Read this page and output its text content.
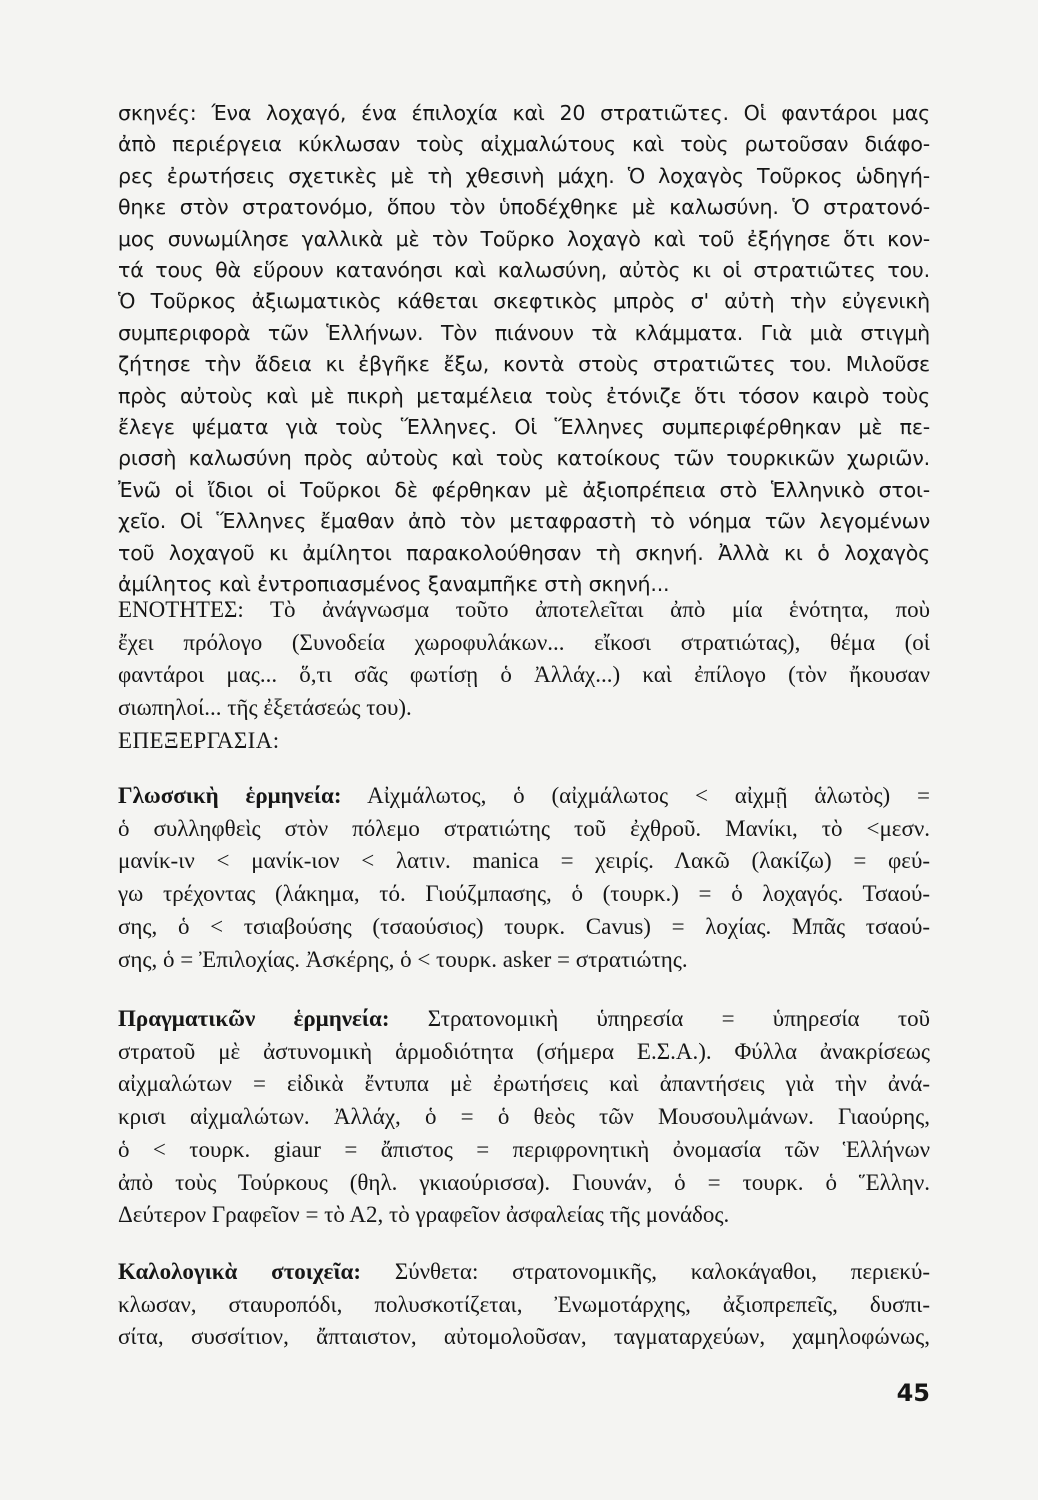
σκηνές: Ένα λοχαγό, ένα έπιλοχία καὶ 20 στρατιῶτες. Οἱ φαντάροι μας
ἀπὸ περιέργεια κύκλωσαν τοὺς αἰχμαλώτους καὶ τοὺς ρωτοῦσαν διάφο-
ρες ἐρωτήσεις σχετικὲς μὲ τὴ χθεσινὴ μάχη. Ὁ λοχαγὸς Τοῦρκος ὡδηγή-
θηκε στὸν στρατονόμο, ὅπου τὸν ὑποδέχθηκε μὲ καλωσύνη. Ὁ στρατονό-
μος συνωμίλησε γαλλικὰ μὲ τὸν Τοῦρκο λοχαγὸ καὶ τοῦ ἐξήγησε ὅτι κον-
τά τους θὰ εὕρουν κατανόησι καὶ καλωσύνη, αὐτὸς κι οἱ στρατιῶτες του.
Ὁ Τοῦρκος ἀξιωματικὸς κάθεται σκεφτικὸς μπρὸς σ' αὐτὴ τὴν εὐγενικὴ
συμπεριφορὰ τῶν Ἑλλήνων. Τὸν πιάνουν τὰ κλάμματα. Γιὰ μιὰ στιγμὴ
ζήτησε τὴν ἄδεια κι ἐβγῆκε ἔξω, κοντὰ στοὺς στρατιῶτες του. Μιλοῦσε
πρὸς αὐτοὺς καὶ μὲ πικρὴ μεταμέλεια τοὺς ἐτόνιζε ὅτι τόσον καιρὸ τοὺς
ἔλεγε ψέματα γιὰ τοὺς Ἕλληνες. Οἱ Ἕλληνες συμπεριφέρθηκαν μὲ πε-
ρισσὴ καλωσύνη πρὸς αὐτοὺς καὶ τοὺς κατοίκους τῶν τουρκικῶν χωριῶν.
Ἐνῶ οἱ ἴδιοι οἱ Τοῦρκοι δὲ φέρθηκαν μὲ ἀξιοπρέπεια στὸ Ἑλληνικὸ στοι-
χεῖο. Οἱ Ἕλληνες ἔμαθαν ἀπὸ τὸν μεταφραστὴ τὸ νόημα τῶν λεγομένων
τοῦ λοχαγοῦ κι ἀμίλητοι παρακολούθησαν τὴ σκηνή. Ἀλλὰ κι ὁ λοχαγὸς
ἀμίλητος καὶ ἐντροπιασμένος ξαναμπῆκε στὴ σκηνή...
ΕΝΟΤΗΤΕΣ: Τὸ ἀνάγνωσμα τοῦτο ἀποτελεῖται ἀπὸ μία ἑνότητα, ποὺ
ἔχει πρόλογο (Συνοδεία χωροφυλάκων... εἴκοσι στρατιώτας), θέμα (οἱ
φαντάροι μας... ὅ,τι σᾶς φωτίσῃ ὁ Ἀλλάχ...) καὶ ἐπίλογο (τὸν ἤκουσαν
σιωπηλοί... τῆς ἐξετάσεώς του).
ΕΠΕΞΕΡΓΑΣΙΑ:
Γλωσσικὴ ἑρμηνεία: Αἰχμάλωτος, ὁ (αἰχμάλωτος < αἰχμῇ ἁλωτὸς) =
ὁ συλληφθεὶς στὸν πόλεμο στρατιώτης τοῦ ἐχθροῦ. Μανίκι, τὸ <μεσν.
μανίκ-ιν < μανίκ-ιον < λατιν. manica = χειρίς. Λακῶ (λακίζω) = φεύ-
γω τρέχοντας (λάκημα, τό. Γιούζμπασης, ὁ (τουρκ.) = ὁ λοχαγός. Τσαού-
σης, ὁ < τσιαβούσης (τσαούσιος) τουρκ. Cavus) = λοχίας. Μπᾶς τσαού-
σης, ὁ = Ἐπιλοχίας. Ἀσκέρης, ὁ < τουρκ. asker = στρατιώτης.
Πραγματικῶν ἑρμηνεία: Στρατονομικὴ ὑπηρεσία = ὑπηρεσία τοῦ
στρατοῦ μὲ ἀστυνομικὴ ἁρμοδιότητα (σήμερα Ε.Σ.Α.). Φύλλα ἀνακρίσεως
αἰχμαλώτων = εἰδικὰ ἔντυπα μὲ ἐρωτήσεις καὶ ἀπαντήσεις γιὰ τὴν ἀνά-
κρισι αἰχμαλώτων. Ἀλλάχ, ὁ = ὁ θεὸς τῶν Μουσουλμάνων. Γιαούρης,
ὁ < τουρκ. giaur = ἄπιστος = περιφρονητικὴ ὀνομασία τῶν Ἑλλήνων
ἀπὸ τοὺς Τούρκους (θηλ. γκιαούρισσα). Γιουνάν, ὁ = τουρκ. ὁ Ἕλλην.
Δεύτερον Γραφεῖον = τὸ Α2, τὸ γραφεῖον ἀσφαλείας τῆς μονάδος.
Καλολογικὰ στοιχεῖα: Σύνθετα: στρατονομικῆς, καλοκάγαθοι, περιεκύ-
κλωσαν, σταυροπόδι, πολυσκοτίζεται, Ἐνωμοτάρχης, ἀξιοπρεπεῖς, δυσπι-
σίτα, συσσίτιον, ἄπταιστον, αὐτομολοῦσαν, ταγματαρχεύων, χαμηλοφώνως,
45
